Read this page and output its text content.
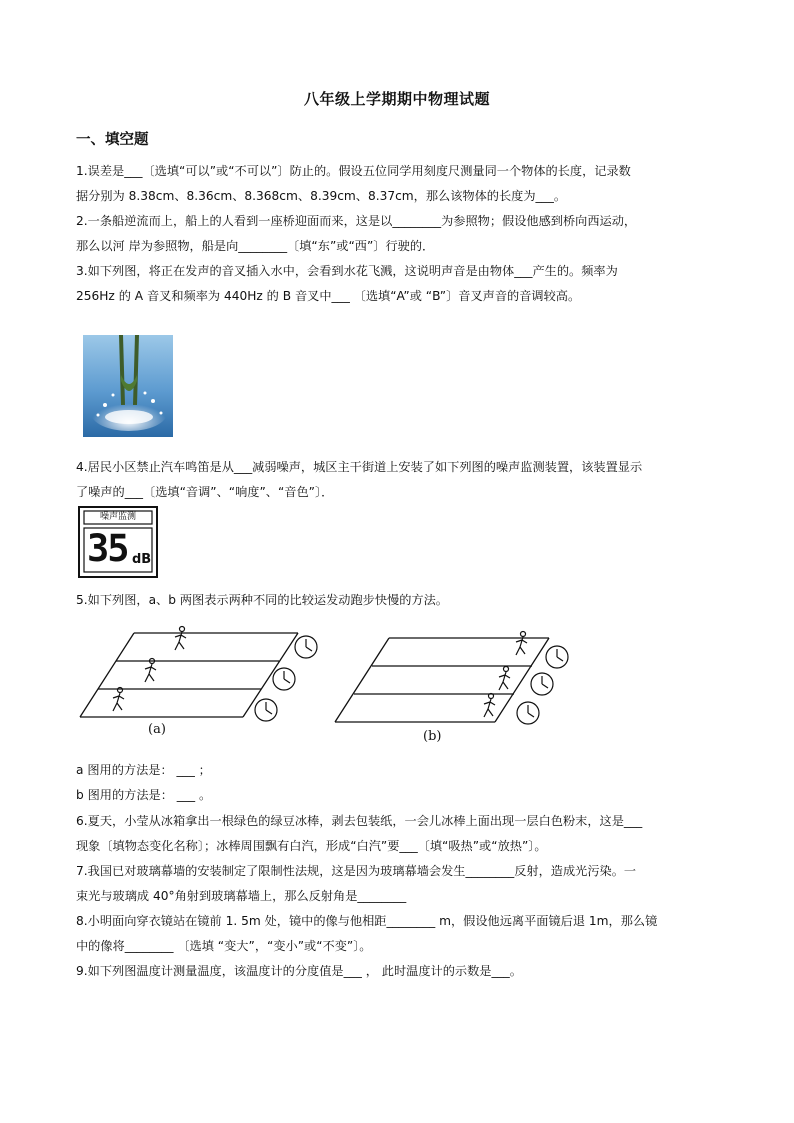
八年级上学期期中物理试题
一、填空题
1.误差是___〔选填“可以”或“不可以”〕防止的。假设五位同学用刻度尺测量同一个物体的长度，记录数
据分别为 8.38cm、8.36cm、8.368cm、8.39cm、8.37cm，那么该物体的长度为___。
2.一条船逆流而上，船上的人看到一座桥迎面而来，这是以________为参照物；假设他感到桥向西运动，
那么以河 岸为参照物，船是向________〔填“东”或“西”〕行驶的．
3.如下列图，将正在发声的音叉插入水中，会看到水花飞溅，这说明声音是由物体___产生的。频率为
256Hz 的 A 音叉和频率为 440Hz 的 B 音叉中___ 〔选填“A”或 “B”〕音叉声音的音调较高。
4.居民小区禁止汽车鸣笛是从___减弱噪声，城区主干街道上安装了如下列图的噪声监测装置，该装置显示
了噪声的___〔选填“音调”、“响度”、“音色”〕．
噪声监测
35 dB
5.如下列图，a、b 两图表示两种不同的比较运发动跑步快慢的方法。
(a)	(b)
a 图用的方法是： ___ ；
b 图用的方法是： ___ 。
6.夏天，小莹从冰箱拿出一根绿色的绿豆冰棒，剥去包装纸，一会儿冰棒上面出现一层白色粉末，这是___
现象〔填物态变化名称〕；冰棒周围飘有白汽，形成“白汽”要___〔填“吸热”或“放热”〕。
7.我国已对玻璃幕墙的安装制定了限制性法规，这是因为玻璃幕墙会发生________反射，造成光污染。一
束光与玻璃成 40°角射到玻璃幕墙上，那么反射角是________
8.小明面向穿衣镜站在镜前 1. 5m 处，镜中的像与他相距________ m，假设他远离平面镜后退 1m，那么镜
中的像将________ 〔选填 “变大”，“变小”或“不变”〕。
9.如下列图温度计测量温度，该温度计的分度值是___ ， 此时温度计的示数是___。
